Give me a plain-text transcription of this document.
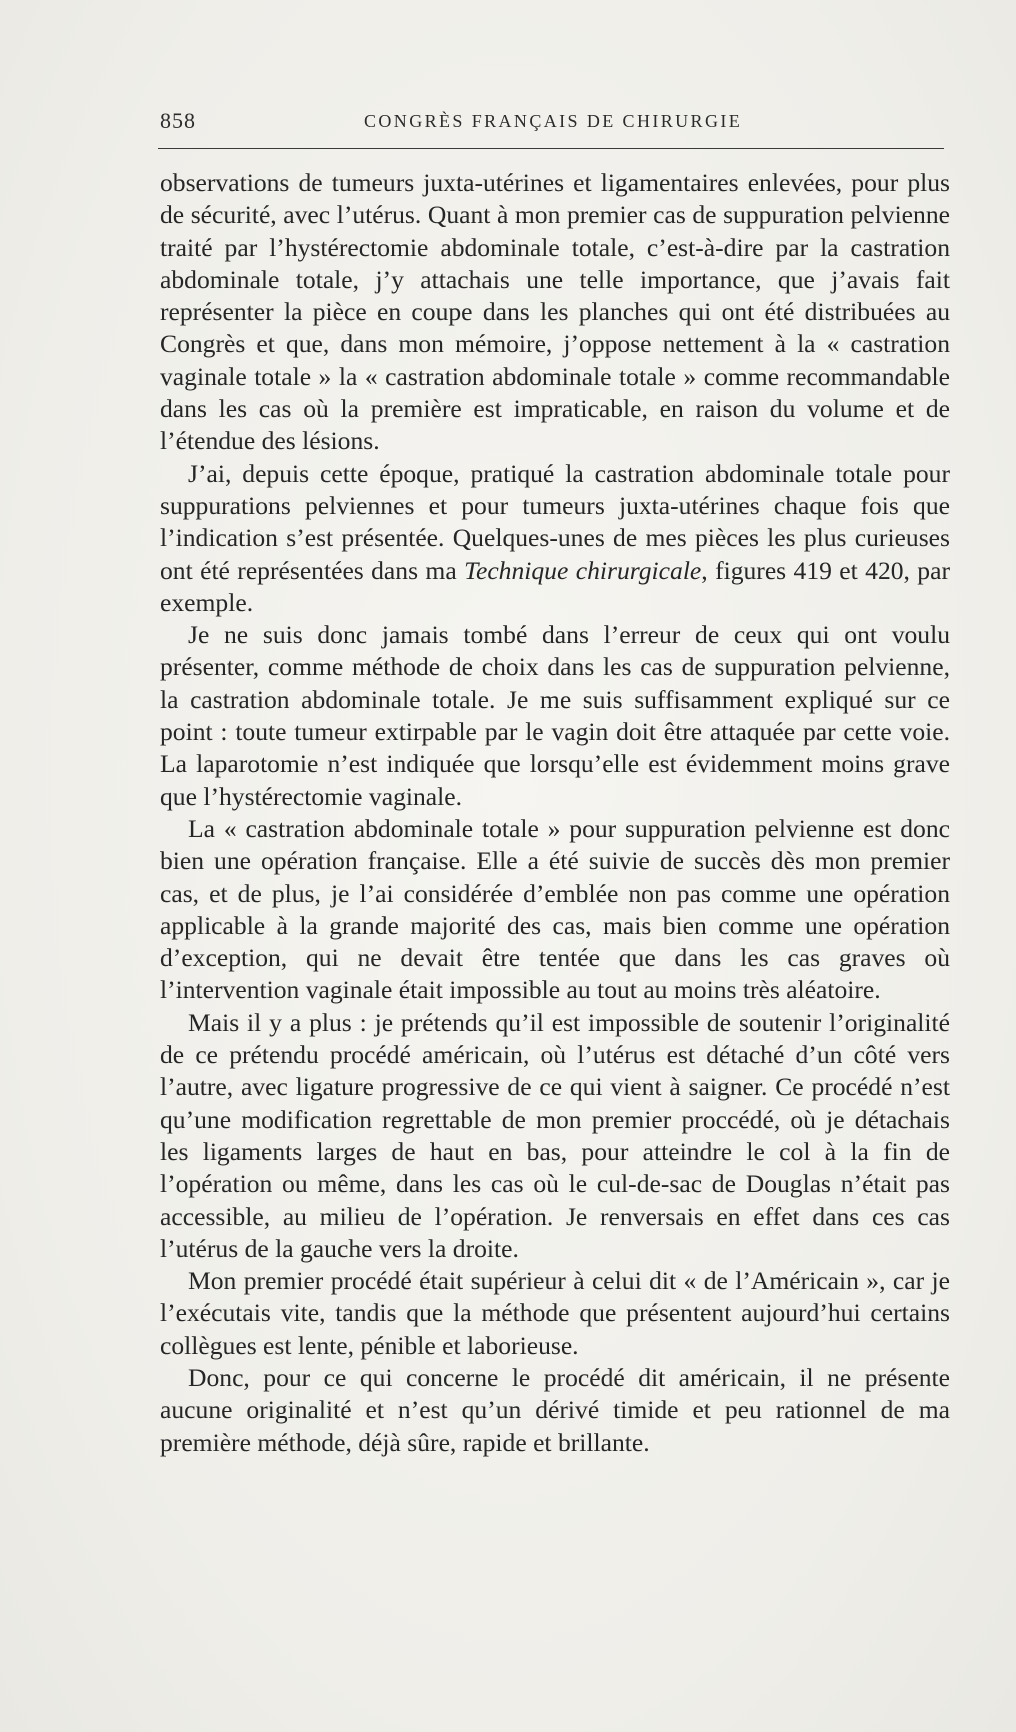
858	CONGRÈS FRANÇAIS DE CHIRURGIE

observations de tumeurs juxta-utérines et ligamentaires enlevées, pour plus de sécurité, avec l’utérus. Quant à mon premier cas de suppuration pelvienne traité par l’hystérectomie abdominale totale, c’est-à-dire par la castration abdominale totale, j’y attachais une telle importance, que j’avais fait représenter la pièce en coupe dans les planches qui ont été distribuées au Congrès et que, dans mon mémoire, j’oppose nettement à la « castration vaginale totale » la « castration abdominale totale » comme recommandable dans les cas où la première est impraticable, en raison du volume et de l’étendue des lésions.

J’ai, depuis cette époque, pratiqué la castration abdominale totale pour suppurations pelviennes et pour tumeurs juxta-utérines chaque fois que l’indication s’est présentée. Quelques-unes de mes pièces les plus curieuses ont été représentées dans ma Technique chirurgicale, figures 419 et 420, par exemple.

Je ne suis donc jamais tombé dans l’erreur de ceux qui ont voulu présenter, comme méthode de choix dans les cas de suppuration pelvienne, la castration abdominale totale. Je me suis suffisamment expliqué sur ce point : toute tumeur extirpable par le vagin doit être attaquée par cette voie. La laparotomie n’est indiquée que lorsqu’elle est évidemment moins grave que l’hystérectomie vaginale.

La « castration abdominale totale » pour suppuration pelvienne est donc bien une opération française. Elle a été suivie de succès dès mon premier cas, et de plus, je l’ai considérée d’emblée non pas comme une opération applicable à la grande majorité des cas, mais bien comme une opération d’exception, qui ne devait être tentée que dans les cas graves où l’intervention vaginale était impossible au tout au moins très aléatoire.

Mais il y a plus : je prétends qu’il est impossible de soutenir l’originalité de ce prétendu procédé américain, où l’utérus est détaché d’un côté vers l’autre, avec ligature progressive de ce qui vient à saigner. Ce procédé n’est qu’une modification regrettable de mon premier proccédé, où je détachais les ligaments larges de haut en bas, pour atteindre le col à la fin de l’opération ou même, dans les cas où le cul-de-sac de Douglas n’était pas accessible, au milieu de l’opération. Je renversais en effet dans ces cas l’utérus de la gauche vers la droite.

Mon premier procédé était supérieur à celui dit « de l’Américain », car je l’exécutais vite, tandis que la méthode que présentent aujourd’hui certains collègues est lente, pénible et laborieuse.

Donc, pour ce qui concerne le procédé dit américain, il ne présente aucune originalité et n’est qu’un dérivé timide et peu rationnel de ma première méthode, déjà sûre, rapide et brillante.
